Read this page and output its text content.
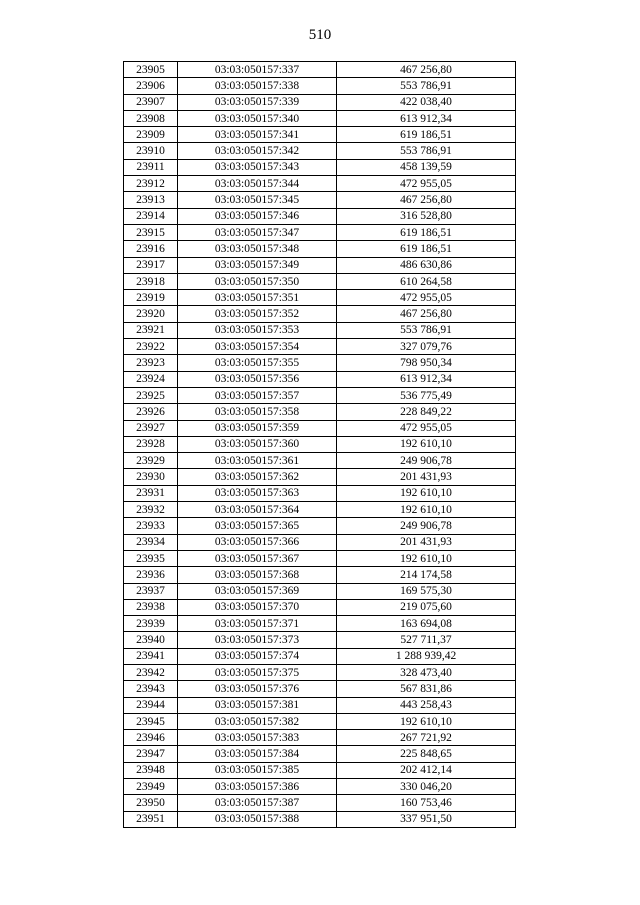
510
23905	03:03:050157:337	467 256,80
23906	03:03:050157:338	553 786,91
23907	03:03:050157:339	422 038,40
23908	03:03:050157:340	613 912,34
23909	03:03:050157:341	619 186,51
23910	03:03:050157:342	553 786,91
23911	03:03:050157:343	458 139,59
23912	03:03:050157:344	472 955,05
23913	03:03:050157:345	467 256,80
23914	03:03:050157:346	316 528,80
23915	03:03:050157:347	619 186,51
23916	03:03:050157:348	619 186,51
23917	03:03:050157:349	486 630,86
23918	03:03:050157:350	610 264,58
23919	03:03:050157:351	472 955,05
23920	03:03:050157:352	467 256,80
23921	03:03:050157:353	553 786,91
23922	03:03:050157:354	327 079,76
23923	03:03:050157:355	798 950,34
23924	03:03:050157:356	613 912,34
23925	03:03:050157:357	536 775,49
23926	03:03:050157:358	228 849,22
23927	03:03:050157:359	472 955,05
23928	03:03:050157:360	192 610,10
23929	03:03:050157:361	249 906,78
23930	03:03:050157:362	201 431,93
23931	03:03:050157:363	192 610,10
23932	03:03:050157:364	192 610,10
23933	03:03:050157:365	249 906,78
23934	03:03:050157:366	201 431,93
23935	03:03:050157:367	192 610,10
23936	03:03:050157:368	214 174,58
23937	03:03:050157:369	169 575,30
23938	03:03:050157:370	219 075,60
23939	03:03:050157:371	163 694,08
23940	03:03:050157:373	527 711,37
23941	03:03:050157:374	1 288 939,42
23942	03:03:050157:375	328 473,40
23943	03:03:050157:376	567 831,86
23944	03:03:050157:381	443 258,43
23945	03:03:050157:382	192 610,10
23946	03:03:050157:383	267 721,92
23947	03:03:050157:384	225 848,65
23948	03:03:050157:385	202 412,14
23949	03:03:050157:386	330 046,20
23950	03:03:050157:387	160 753,46
23951	03:03:050157:388	337 951,50
